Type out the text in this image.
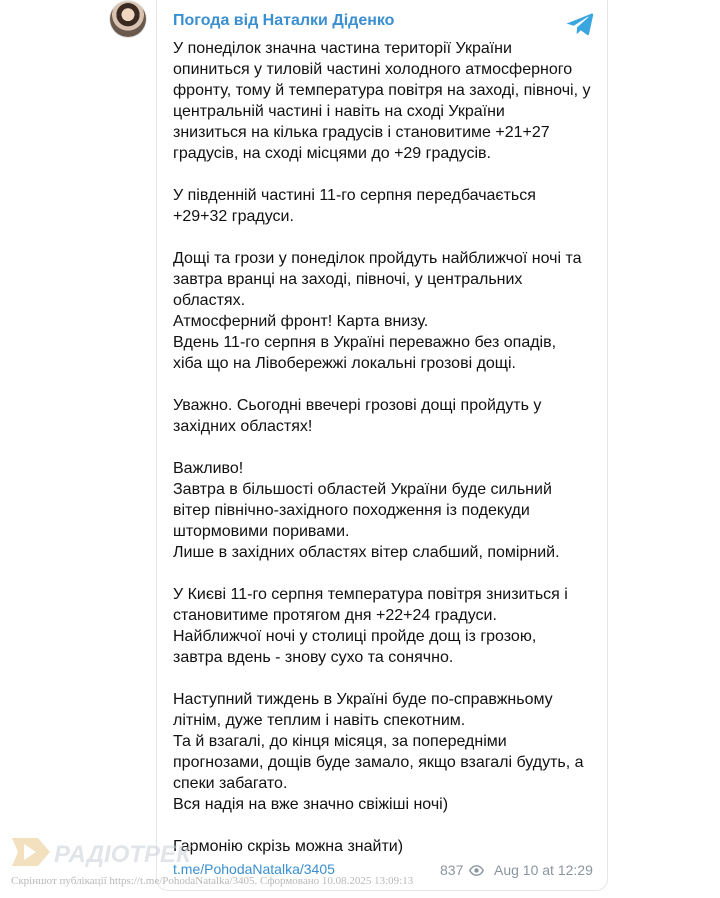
Погода від Наталки Діденко
У понеділок значна частина території України
опиниться у тиловій частині холодного атмосферного
фронту, тому й температура повітря на заході, півночі, у
центральній частині і навіть на сході України
знизиться на кілька градусів і становитиме +21+27
градусів, на сході місцями до +29 градусів.
У південній частині 11-го серпня передбачається
+29+32 градуси.
Дощі та грози у понеділок пройдуть найближчої ночі та
завтра вранці на заході, півночі, у центральних
областях.
Атмосферний фронт! Карта внизу.
Вдень 11-го серпня в Україні переважно без опадів,
хіба що на Лівобережжі локальні грозові дощі.
Уважно. Сьогодні ввечері грозові дощі пройдуть у
західних областях!
Важливо!
Завтра в більшості областей України буде сильний
вітер північно-західного походження із подекуди
штормовими поривами.
Лише в західних областях вітер слабший, помірний.
У Києві 11-го серпня температура повітря знизиться і
становитиме протягом дня +22+24 градуси.
Найближчої ночі у столиці пройде дощ із грозою,
завтра вдень - знову сухо та сонячно.
Наступний тиждень в Україні буде по-справжньому
літнім, дуже теплим і навіть спекотним.
Та й взагалі, до кінця місяця, за попередніми
прогнозами, дощів буде замало, якщо взагалі будуть, а
спеки забагато.
Вся надія на вже значно свіжіші ночі)
Гармонію скрізь можна знайти)
t.me/PohodaNatalka/3405	837 Aug 10 at 12:29
РАДІОТРЕК
Скріншот публікації https://t.me/PohodaNatalka/3405. Сформовано 10.08.2025 13:09:13
